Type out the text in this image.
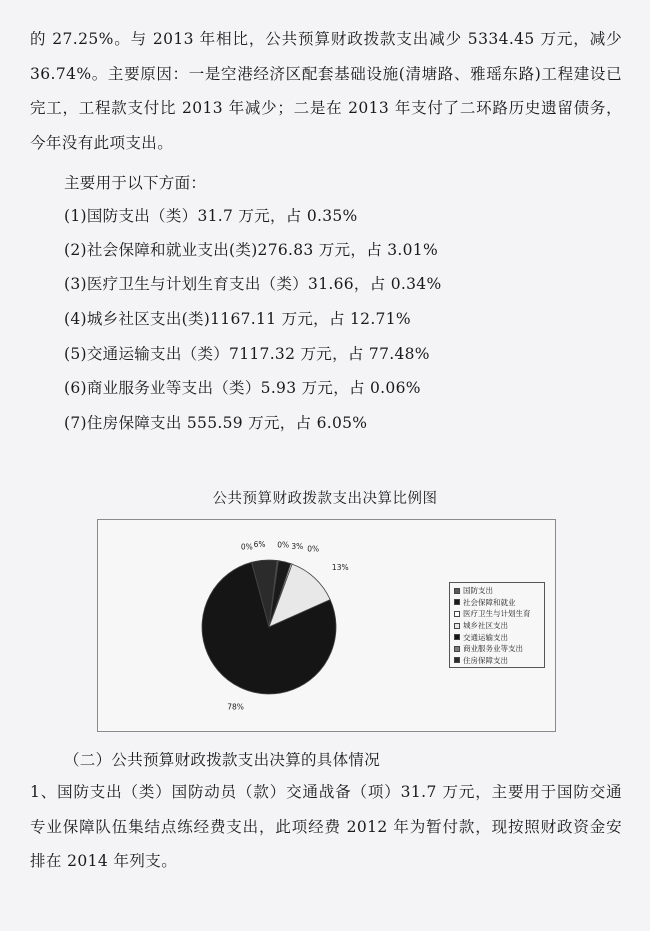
的 27.25%。与 2013 年相比，公共预算财政拨款支出减少 5334.45 万元，减少 36.74%。主要原因：一是空港经济区配套基础设施(清塘路、雅瑶东路)工程建设已完工，工程款支付比 2013 年减少；二是在 2013 年支付了二环路历史遗留债务，今年没有此项支出。
主要用于以下方面：
(1)国防支出（类）31.7 万元，占 0.35%
(2)社会保障和就业支出(类)276.83 万元，占 3.01%
(3)医疗卫生与计划生育支出（类）31.66，占 0.34%
(4)城乡社区支出(类)1167.11 万元，占 12.71%
(5)交通运输支出（类）7117.32 万元，占 77.48%
(6)商业服务业等支出（类）5.93 万元，占 0.06%
(7)住房保障支出 555.59 万元，占 6.05%
公共预算财政拨款支出决算比例图
0% 3% 0%
13%
78%
0% 6%
国防支出
社会保障和就业
医疗卫生与计划生育
城乡社区支出
交通运输支出
商业服务业等支出
住房保障支出
（二）公共预算财政拨款支出决算的具体情况
1、国防支出（类）国防动员（款）交通战备（项）31.7 万元，主要用于国防交通专业保障队伍集结点练经费支出，此项经费 2012 年为暂付款，现按照财政资金安排在 2014 年列支。
